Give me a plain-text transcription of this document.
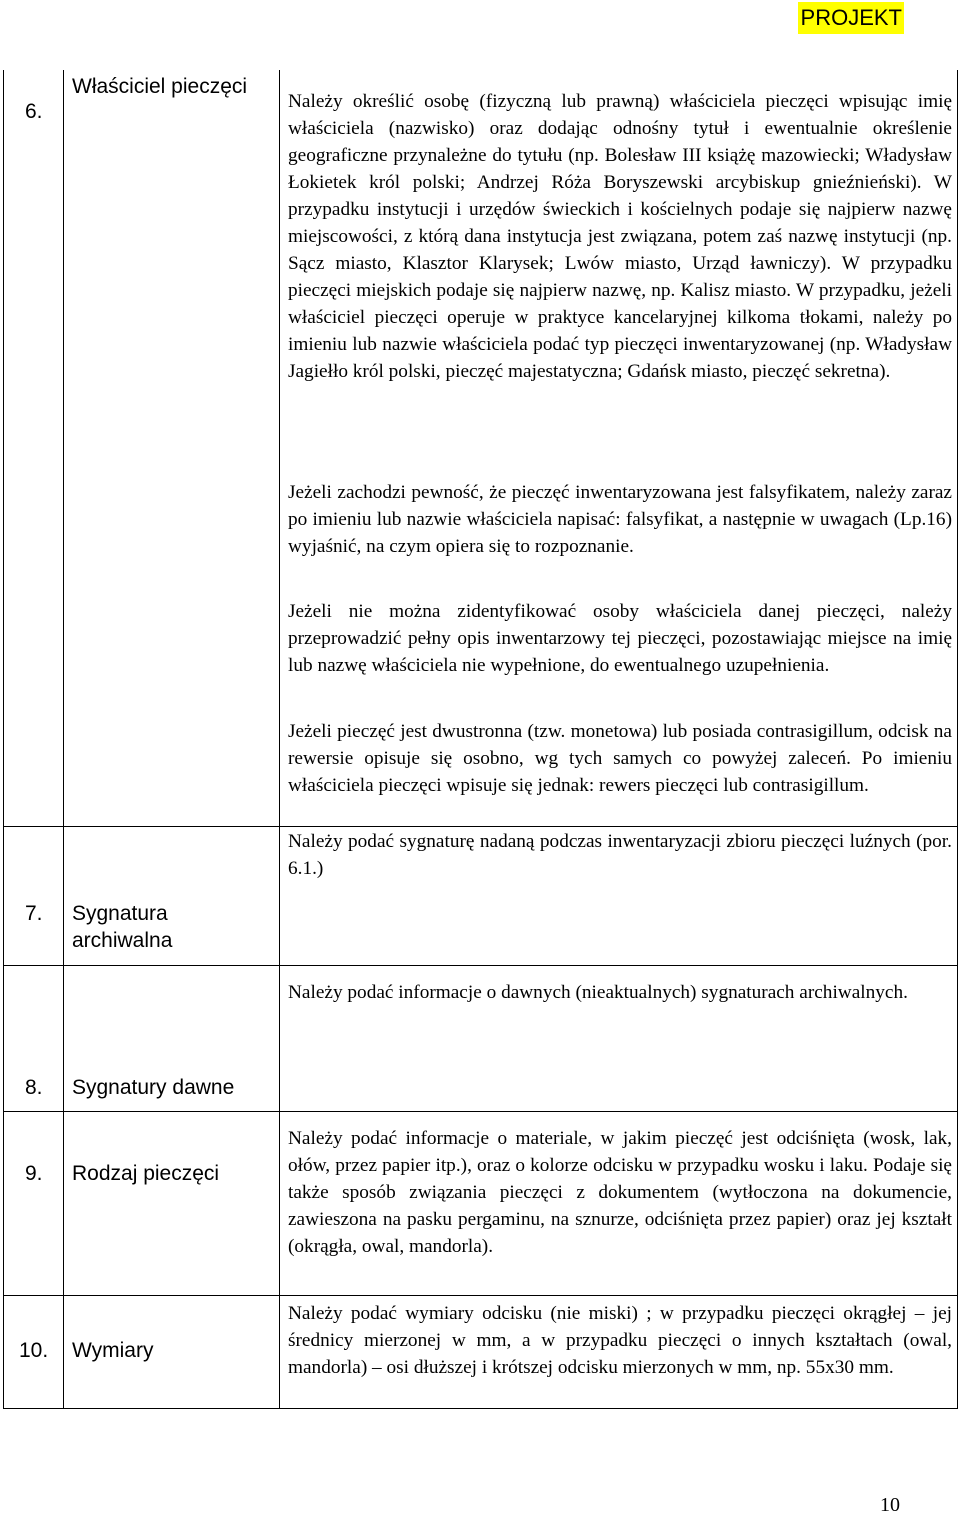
PROJEKT
6.
Właściciel pieczęci

Należy określić osobę (fizyczną lub prawną) właściciela pieczęci wpisując imię właściciela (nazwisko) oraz dodając odnośny tytuł i ewentualnie określenie geograficzne przynależne do tytułu (np. Bolesław III książę mazowiecki; Władysław Łokietek król polski; Andrzej Róża Boryszewski arcybiskup gnieźnieński). W przypadku instytucji i urzędów świeckich i kościelnych podaje się najpierw nazwę miejscowości, z którą dana instytucja jest związana, potem zaś nazwę instytucji (np. Sącz miasto, Klasztor Klarysek; Lwów miasto, Urząd ławniczy). W przypadku pieczęci miejskich podaje się najpierw nazwę, np. Kalisz miasto. W przypadku, jeżeli właściciel pieczęci operuje w praktyce kancelaryjnej kilkoma tłokami, należy po imieniu lub nazwie właściciela podać typ pieczęci inwentaryzowanej (np. Władysław Jagiełło król polski, pieczęć majestatyczna; Gdańsk miasto, pieczęć sekretna).

Jeżeli zachodzi pewność, że pieczęć inwentaryzowana jest falsyfikatem, należy zaraz po imieniu lub nazwie właściciela napisać: falsyfikat, a następnie w uwagach (Lp.16) wyjaśnić, na czym opiera się to rozpoznanie.

Jeżeli nie można zidentyfikować osoby właściciela danej pieczęci, należy przeprowadzić pełny opis inwentarzowy tej pieczęci, pozostawiając miejsce na imię lub nazwę właściciela nie wypełnione, do ewentualnego uzupełnienia.

Jeżeli pieczęć jest dwustronna (tzw. monetowa) lub posiada contrasigillum, odcisk na rewersie opisuje się osobno, wg tych samych co powyżej zaleceń. Po imieniu właściciela pieczęci wpisuje się jednak: rewers pieczęci lub contrasigillum.

7. Sygnatura archiwalna

Należy podać sygnaturę nadaną podczas inwentaryzacji zbioru pieczęci luźnych (por. 6.1.)

8. Sygnatury dawne

Należy podać informacje o dawnych (nieaktualnych) sygnaturach archiwalnych.

9. Rodzaj pieczęci

Należy podać informacje o materiale, w jakim pieczęć jest odciśnięta (wosk, lak, ołów, przez papier itp.), oraz o kolorze odcisku w przypadku wosku i laku. Podaje się także sposób związania pieczęci z dokumentem (wytłoczona na dokumencie, zawieszona na pasku pergaminu, na sznurze, odciśnięta przez papier) oraz jej kształt (okrągła, owal, mandorla).

10. Wymiary

Należy podać wymiary odcisku (nie miski) ; w przypadku pieczęci okrągłej – jej średnicy mierzonej w mm, a w przypadku pieczęci o innych kształtach (owal, mandorla) – osi dłuższej i krótszej odcisku mierzonych w mm, np. 55x30 mm.

10
